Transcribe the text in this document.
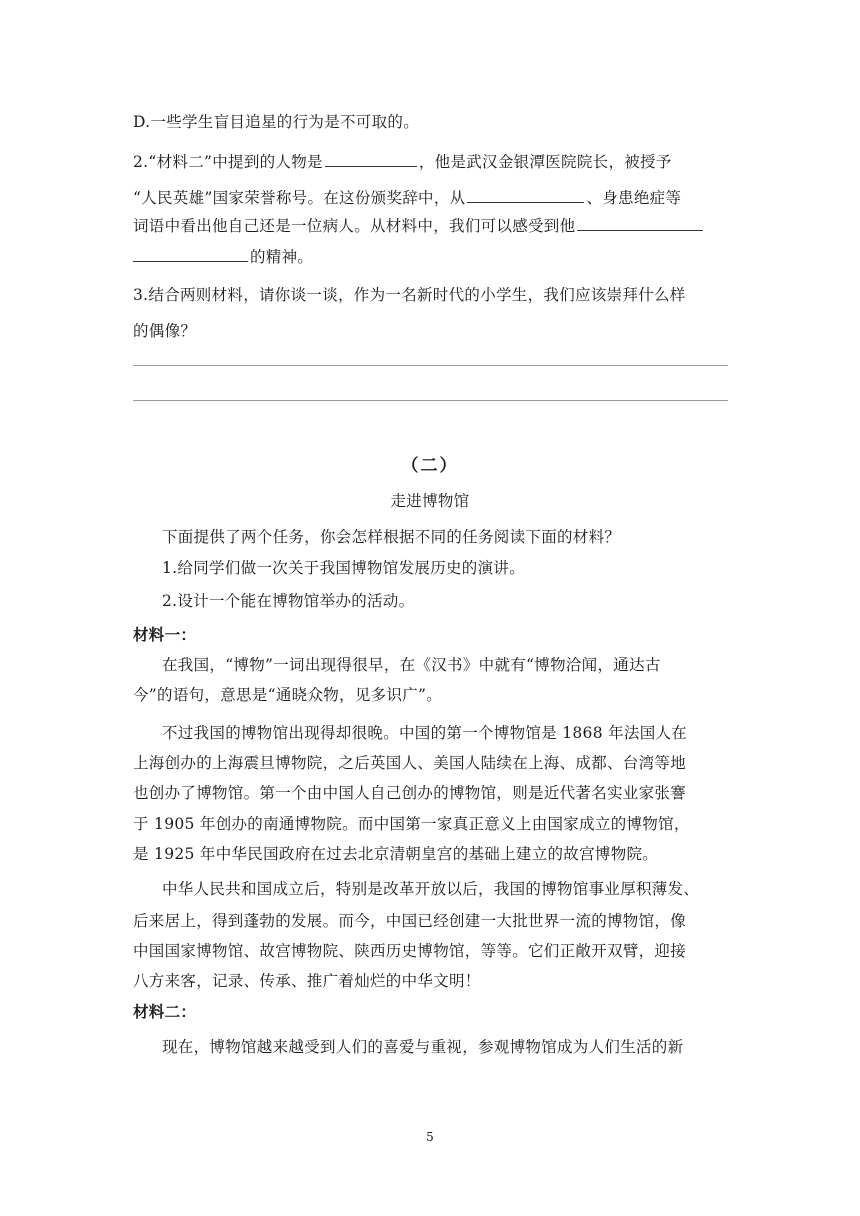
D.一些学生盲目追星的行为是不可取的。
2.“材料二”中提到的人物是	，他是武汉金银潭医院院长，被授予
“人民英雄”国家荣誉称号。在这份颁奖辞中，从	、身患绝症等
词语中看出他自己还是一位病人。从材料中，我们可以感受到他
的精神。
3.结合两则材料，请你谈一谈，作为一名新时代的小学生，我们应该崇拜什么样
的偶像？
（二）
走进博物馆
下面提供了两个任务，你会怎样根据不同的任务阅读下面的材料？
1.给同学们做一次关于我国博物馆发展历史的演讲。
2.设计一个能在博物馆举办的活动。
材料一：
在我国，“博物”一词出现得很早，在《汉书》中就有“博物洽闻，通达古
今”的语句，意思是“通晓众物，见多识广”。
不过我国的博物馆出现得却很晚。中国的第一个博物馆是 1868 年法国人在
上海创办的上海震旦博物院，之后英国人、美国人陆续在上海、成都、台湾等地
也创办了博物馆。第一个由中国人自己创办的博物馆，则是近代著名实业家张謇
于 1905 年创办的南通博物院。而中国第一家真正意义上由国家成立的博物馆，
是 1925 年中华民国政府在过去北京清朝皇宫的基础上建立的故宫博物院。
中华人民共和国成立后，特别是改革开放以后，我国的博物馆事业厚积薄发、
后来居上，得到蓬勃的发展。而今，中国已经创建一大批世界一流的博物馆，像
中国国家博物馆、故宫博物院、陕西历史博物馆，等等。它们正敞开双臂，迎接
八方来客，记录、传承、推广着灿烂的中华文明！
材料二：
现在，博物馆越来越受到人们的喜爱与重视，参观博物馆成为人们生活的新
5
